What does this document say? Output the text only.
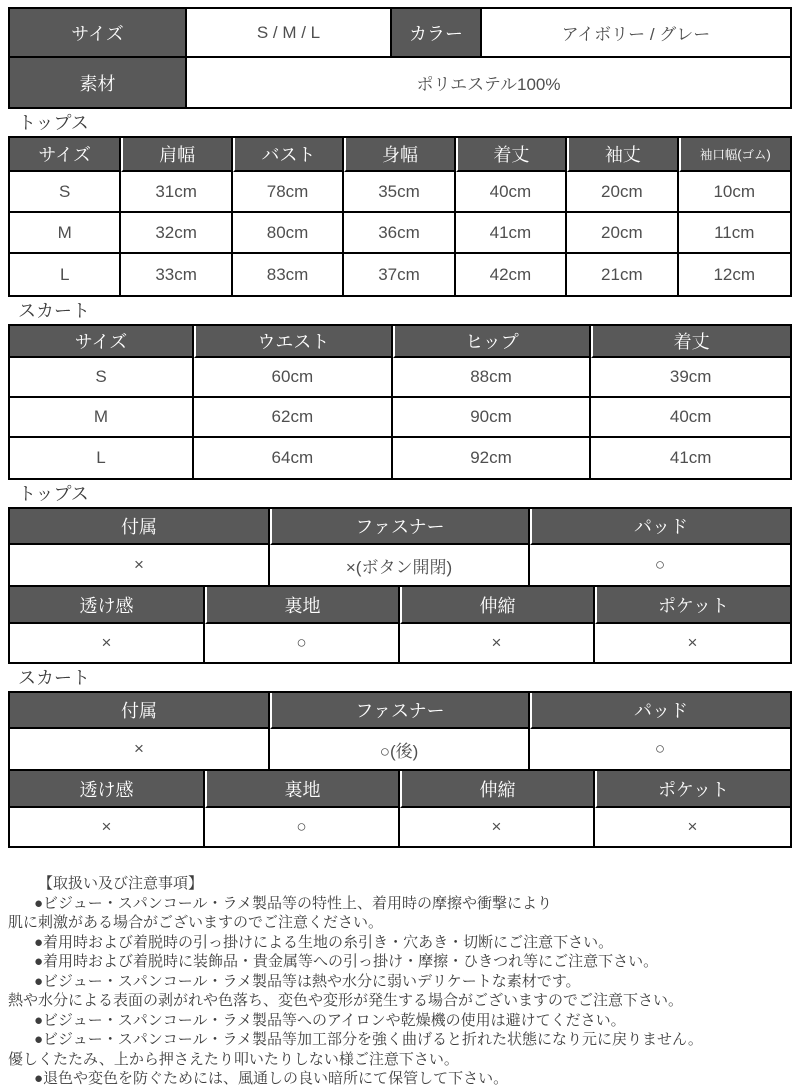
サイズ	S / M / L	カラー	アイボリー / グレー
素材	ポリエステル100%		
トップス
サイズ	肩幅	バスト	身幅	着丈	袖丈	袖口幅(ゴム)
S	31cm	78cm	35cm	40cm	20cm	10cm
M	32cm	80cm	36cm	41cm	20cm	11cm
L	33cm	83cm	37cm	42cm	21cm	12cm
スカート
サイズ	ウエスト	ヒップ	着丈
S	60cm	88cm	39cm
M	62cm	90cm	40cm
L	64cm	92cm	41cm
トップス
付属		ファスナー		パッド	
×		×(ボタン開閉)		○	
透け感	裏地		伸縮		ポケット
×	○		×		×
スカート
付属		ファスナー		パッド	
×		○(後)		○	
透け感	裏地		伸縮		ポケット
×	○		×		×
【取扱い及び注意事項】
●ビジュー・スパンコール・ラメ製品等の特性上、着用時の摩擦や衝撃により
肌に刺激がある場合がございますのでご注意ください。
●着用時および着脱時の引っ掛けによる生地の糸引き・穴あき・切断にご注意下さい。
●着用時および着脱時に装飾品・貴金属等への引っ掛け・摩擦・ひきつれ等にご注意下さい。
●ビジュー・スパンコール・ラメ製品等は熱や水分に弱いデリケートな素材です。
熱や水分による表面の剥がれや色落ち、変色や変形が発生する場合がございますのでご注意下さい。
●ビジュー・スパンコール・ラメ製品等へのアイロンや乾燥機の使用は避けてください。
●ビジュー・スパンコール・ラメ製品等加工部分を強く曲げると折れた状態になり元に戻りません。
優しくたたみ、上から押さえたり叩いたりしない様ご注意下さい。
●退色や変色を防ぐためには、風通しの良い暗所にて保管して下さい。
